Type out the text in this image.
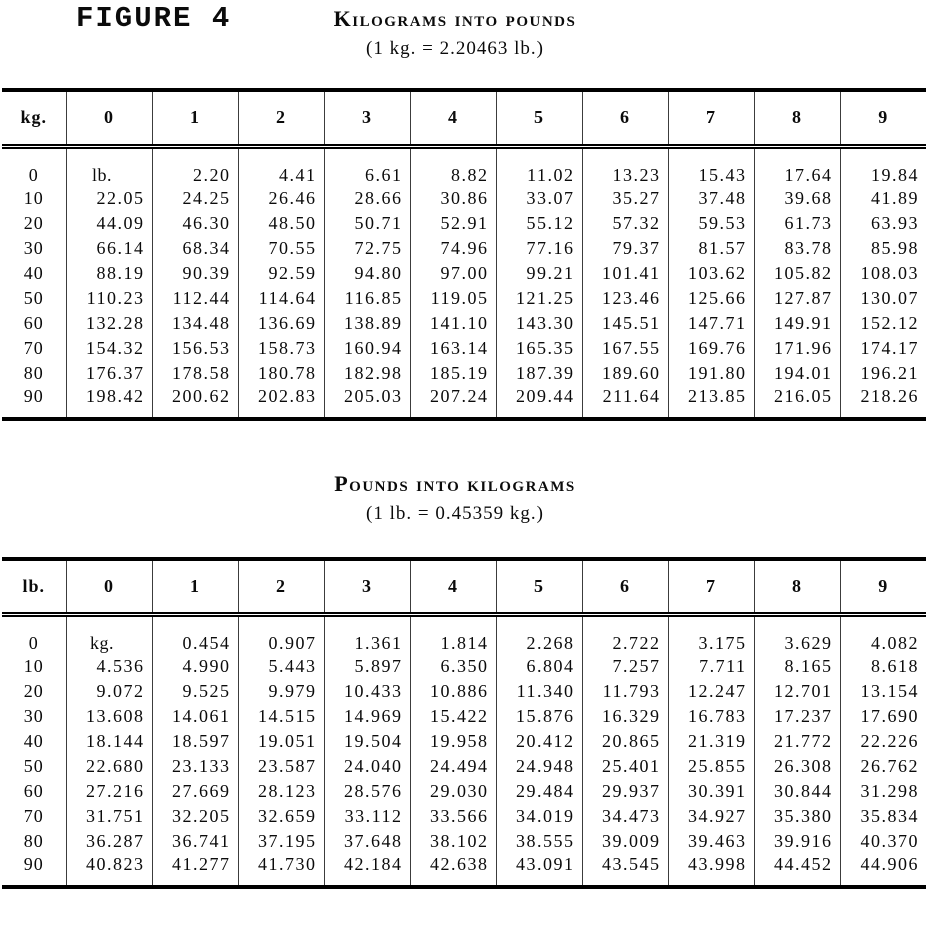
FIGURE 4	Kilograms into pounds
(1 kg. = 2.20463 lb.)
kg.	0	1	2	3	4	5	6	7	8	9
0	lb.	2.20	4.41	6.61	8.82	11.02	13.23	15.43	17.64	19.84
10	22.05	24.25	26.46	28.66	30.86	33.07	35.27	37.48	39.68	41.89
20	44.09	46.30	48.50	50.71	52.91	55.12	57.32	59.53	61.73	63.93
30	66.14	68.34	70.55	72.75	74.96	77.16	79.37	81.57	83.78	85.98
40	88.19	90.39	92.59	94.80	97.00	99.21	101.41	103.62	105.82	108.03
50	110.23	112.44	114.64	116.85	119.05	121.25	123.46	125.66	127.87	130.07
60	132.28	134.48	136.69	138.89	141.10	143.30	145.51	147.71	149.91	152.12
70	154.32	156.53	158.73	160.94	163.14	165.35	167.55	169.76	171.96	174.17
80	176.37	178.58	180.78	182.98	185.19	187.39	189.60	191.80	194.01	196.21
90	198.42	200.62	202.83	205.03	207.24	209.44	211.64	213.85	216.05	218.26
Pounds into kilograms
(1 lb. = 0.45359 kg.)
lb.	0	1	2	3	4	5	6	7	8	9
0	kg.	0.454	0.907	1.361	1.814	2.268	2.722	3.175	3.629	4.082
10	4.536	4.990	5.443	5.897	6.350	6.804	7.257	7.711	8.165	8.618
20	9.072	9.525	9.979	10.433	10.886	11.340	11.793	12.247	12.701	13.154
30	13.608	14.061	14.515	14.969	15.422	15.876	16.329	16.783	17.237	17.690
40	18.144	18.597	19.051	19.504	19.958	20.412	20.865	21.319	21.772	22.226
50	22.680	23.133	23.587	24.040	24.494	24.948	25.401	25.855	26.308	26.762
60	27.216	27.669	28.123	28.576	29.030	29.484	29.937	30.391	30.844	31.298
70	31.751	32.205	32.659	33.112	33.566	34.019	34.473	34.927	35.380	35.834
80	36.287	36.741	37.195	37.648	38.102	38.555	39.009	39.463	39.916	40.370
90	40.823	41.277	41.730	42.184	42.638	43.091	43.545	43.998	44.452	44.906
